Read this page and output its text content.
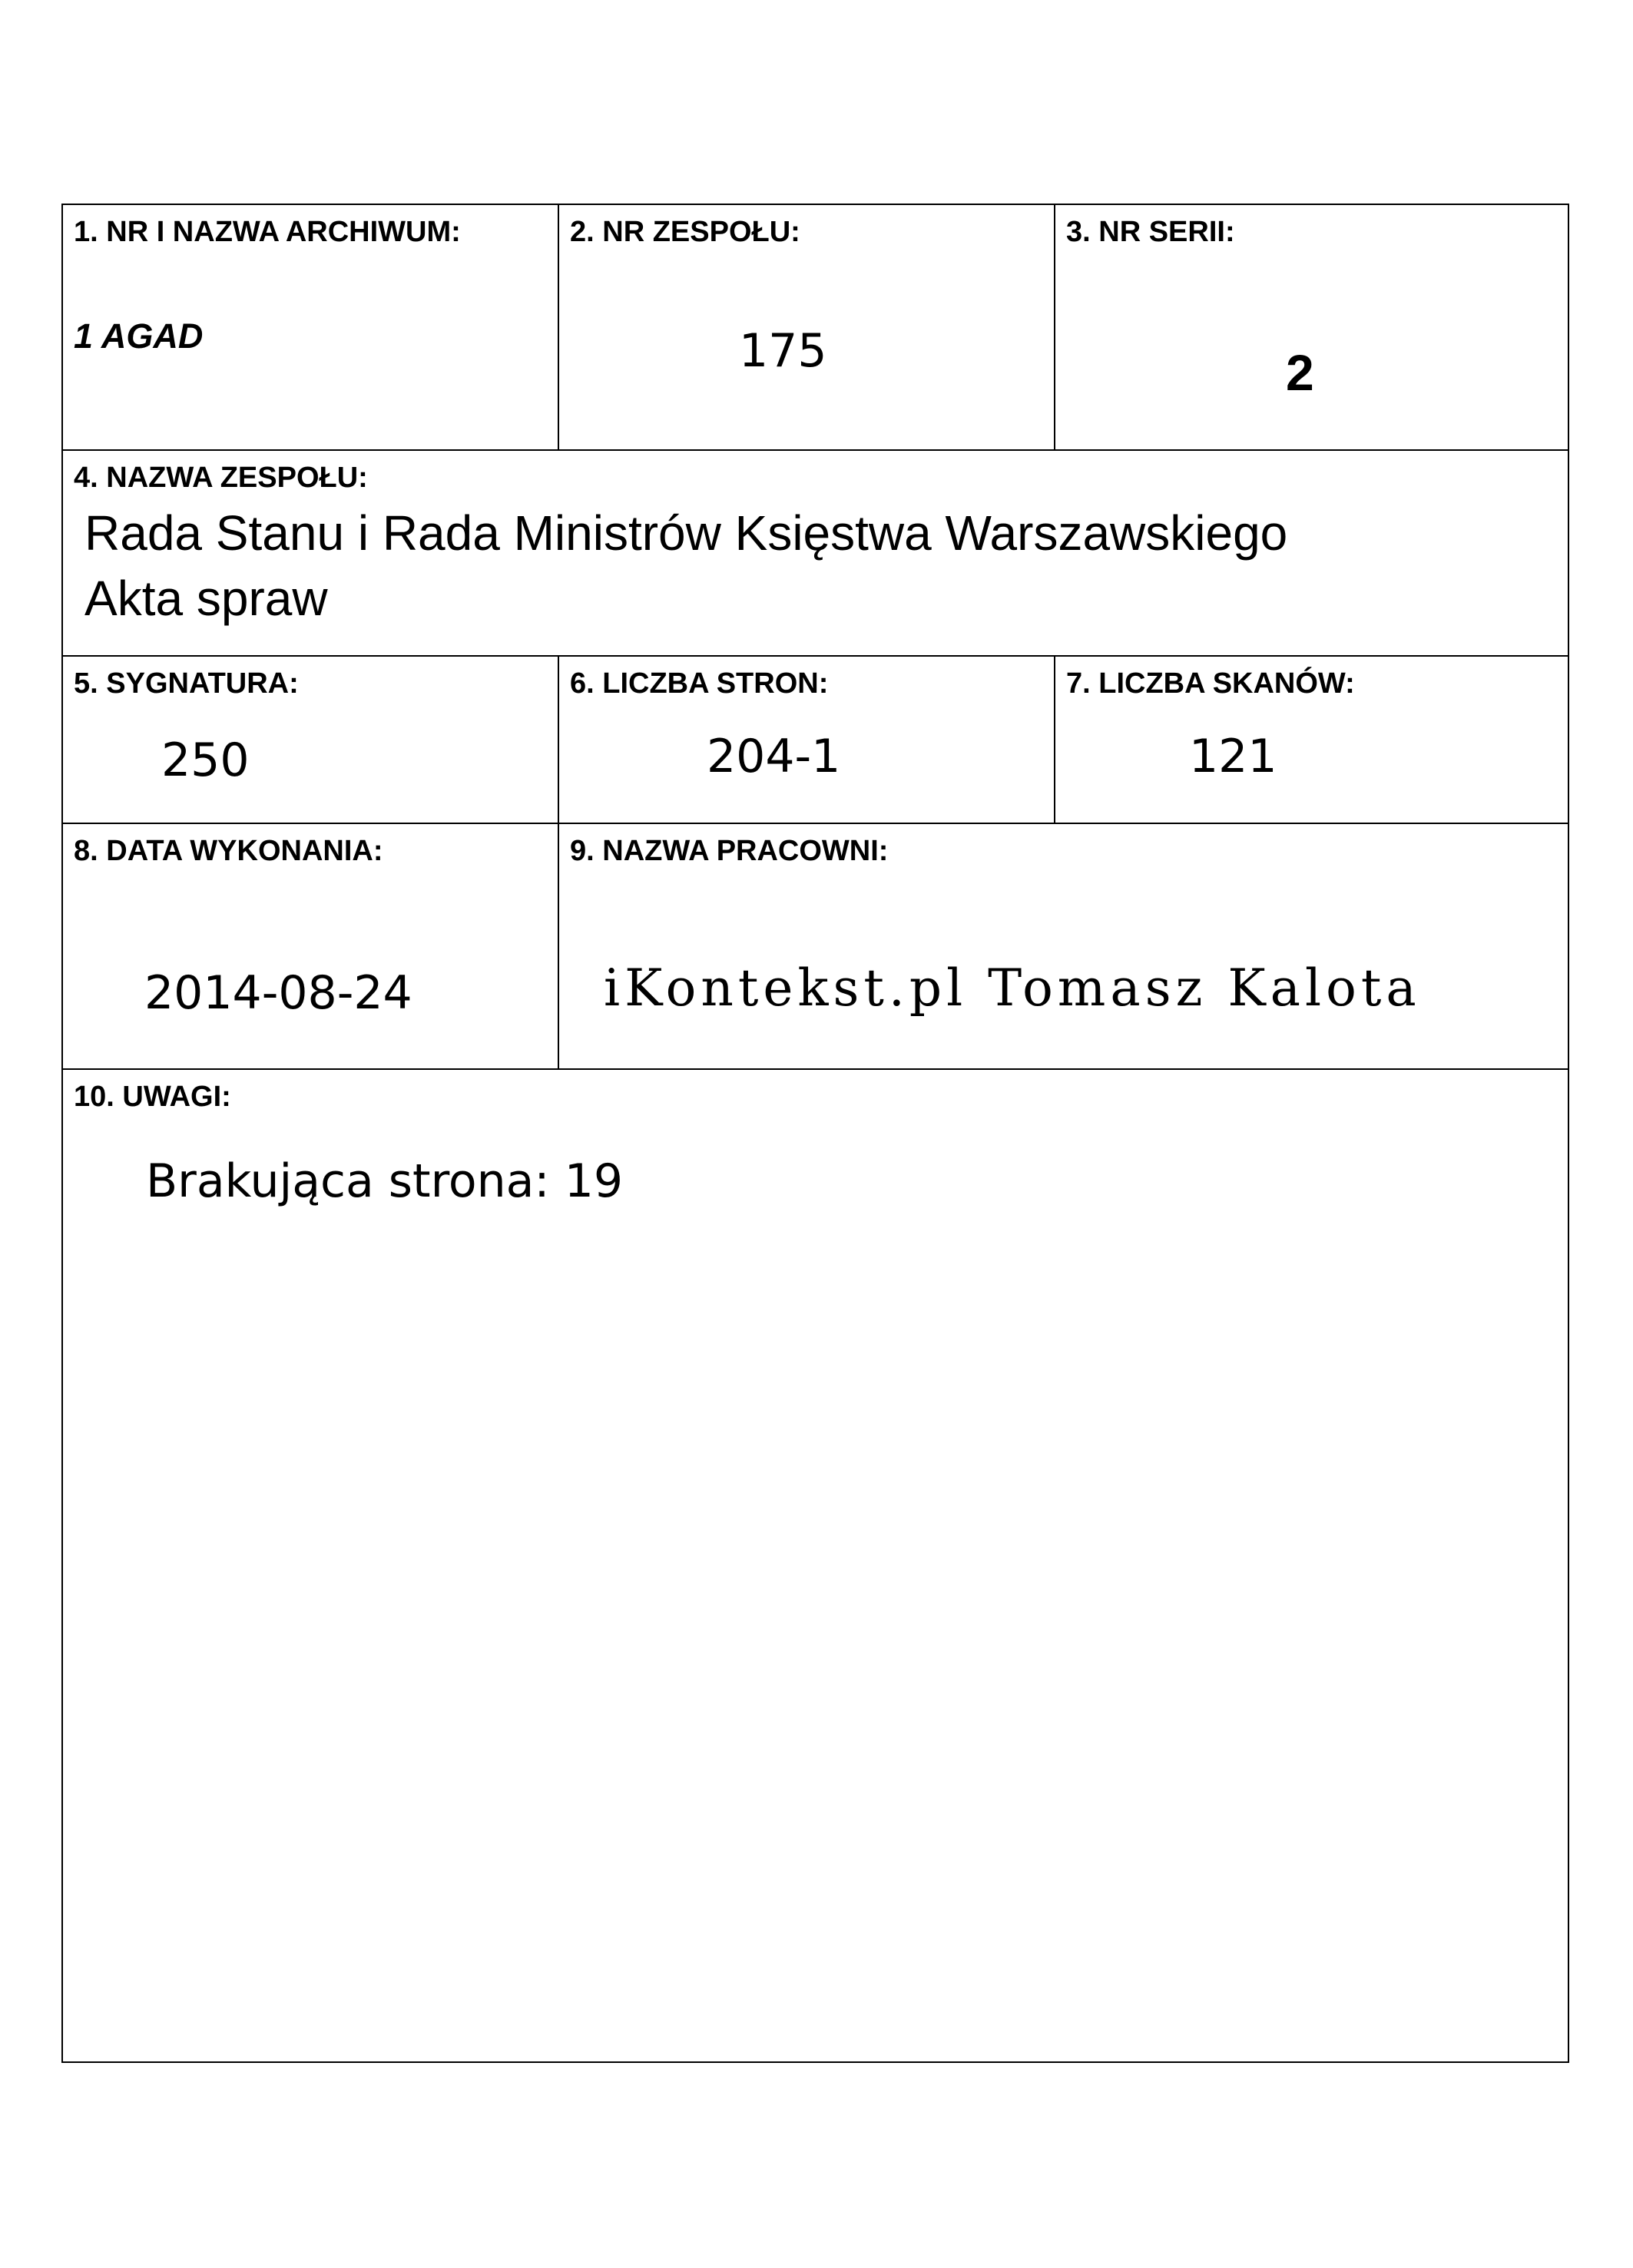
1. NR I NAZWA ARCHIWUM:
1 AGAD
2. NR ZESPOŁU:
175
3. NR SERII:
2
4. NAZWA ZESPOŁU:
Rada Stanu i Rada Ministrów Księstwa Warszawskiego
Akta spraw
5. SYGNATURA:
250
6. LICZBA STRON:
204-1
7. LICZBA SKANÓW:
121
8. DATA WYKONANIA:
2014-08-24
9. NAZWA PRACOWNI:
iKontekst.pl Tomasz Kalota
10. UWAGI:
Brakująca strona: 19
